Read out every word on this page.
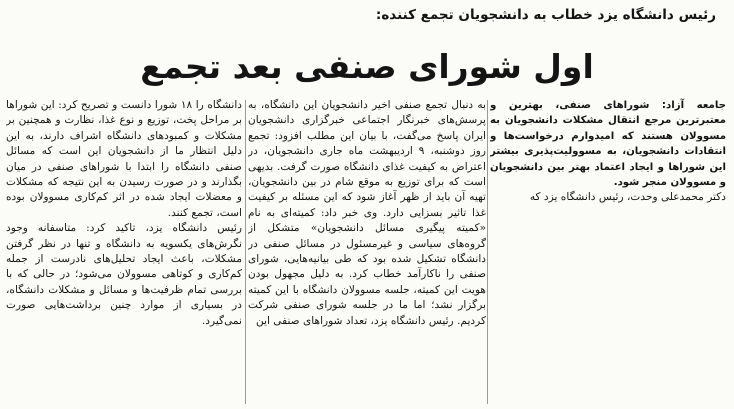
رئیس دانشگاه یزد خطاب به دانشجویان تجمع کننده:
اول شورای صنفی بعد تجمع

جامعه آزاد: شوراهای صنفی، بهترین و معتبرترین مرجع انتقال مشکلات دانشجویان به مسوولان هستند که امیدوارم درخواست‌ها و انتقادات دانشجویان، به مسوولیت‌پذیری بیشتر این شوراها و ایجاد اعتماد بهتر بین دانشجویان و مسوولان منجر شود.

دکتر محمدعلی وحدت، رئیس دانشگاه یزد که

به دنبال تجمع صنفی اخیر دانشجویان این دانشگاه، به پرسش‌های خبرنگار اجتماعی خبرگزاری دانشجویان ایران پاسخ می‌گفت، با بیان این مطلب افزود: تجمع روز دوشنبه، ۹ اردیبهشت ماه جاری دانشجویان، در اعتراض به کیفیت غذای دانشگاه صورت گرفت. بدیهی است که برای توزیع به موقع شام در بین دانشجویان، تهیه آن باید از ظهر آغاز شود که این مسئله بر کیفیت غذا تاثیر بسزایی دارد. وی خبر داد: کمیته‌ای به نام «کمیته پیگیری مسائل دانشجویان» متشکل از گروه‌های سیاسی و غیرمسئول در مسائل صنفی در دانشگاه تشکیل شده بود که طی بیانیه‌هایی، شورای صنفی را ناکارآمد خطاب کرد. به دلیل مجهول بودن هویت این کمیته، جلسه مسوولان دانشگاه با این کمیته برگزار نشد؛ اما ما در جلسه شورای صنفی شرکت کردیم. رئیس دانشگاه یزد، تعداد شوراهای صنفی این

دانشگاه را ۱۸ شورا دانست و تصریح کرد: این شوراها بر مراحل پخت، توزیع و نوع غذا، نظارت و همچنین بر مشکلات و کمبودهای دانشگاه اشراف دارند، به این دلیل انتظار ما از دانشجویان این است که مسائل صنفی دانشگاه را ابتدا با شوراهای صنفی در میان بگذارند و در صورت رسیدن به این نتیجه که مشکلات و معضلات ایجاد شده در اثر کم‌کاری مسوولان بوده است، تجمع کنند.

رئیس دانشگاه یزد، تاکید کرد: متاسفانه وجود نگرش‌های یکسویه به دانشگاه و تنها در نظر گرفتن مشکلات، باعث ایجاد تحلیل‌های نادرست از جمله کم‌کاری و کوتاهی مسوولان می‌شود؛ در حالی که با بررسی تمام ظرفیت‌ها و مسائل و مشکلات دانشگاه، در بسیاری از موارد چنین برداشت‌هایی صورت نمی‌گیرد.
